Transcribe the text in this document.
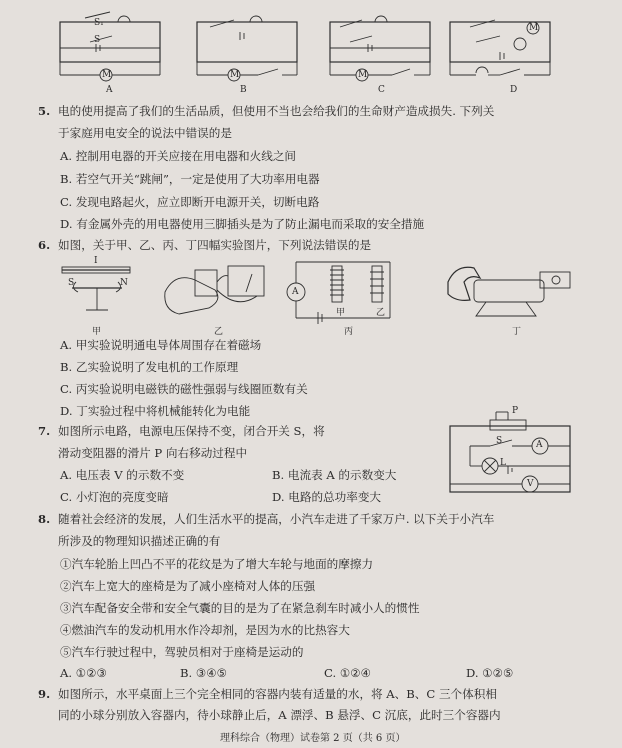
S₁
S
M	M	M
M
A	B	C	D
5. 电的使用提高了我们的生活品质，但使用不当也会给我们的生命财产造成损失. 下列关
于家庭用电安全的说法中错误的是
A. 控制用电器的开关应接在用电器和火线之间
B. 若空气开关“跳闸”，一定是使用了大功率用电器
C. 发现电路起火，应立即断开电源开关，切断电路
D. 有金属外壳的用电器使用三脚插头是为了防止漏电而采取的安全措施
6. 如图，关于甲、乙、丙、丁四幅实验图片，下列说法错误的是
I
S	N
A
甲	乙
甲	乙	丙	丁
A. 甲实验说明通电导体周围存在着磁场
B. 乙实验说明了发电机的工作原理
C. 丙实验说明电磁铁的磁性强弱与线圈匝数有关
D. 丁实验过程中将机械能转化为电能
7. 如图所示电路，电源电压保持不变，闭合开关 S，将
滑动变阻器的滑片 P 向右移动过程中
A. 电压表 V 的示数不变	B. 电流表 A 的示数变大
C. 小灯泡的亮度变暗	D. 电路的总功率变大
P
S	A
L
V
8. 随着社会经济的发展，人们生活水平的提高，小汽车走进了千家万户. 以下关于小汽车
所涉及的物理知识描述正确的有
①汽车轮胎上凹凸不平的花纹是为了增大车轮与地面的摩擦力
②汽车上宽大的座椅是为了减小座椅对人体的压强
③汽车配备安全带和安全气囊的目的是为了在紧急刹车时减小人的惯性
④燃油汽车的发动机用水作冷却剂，是因为水的比热容大
⑤汽车行驶过程中，驾驶员相对于座椅是运动的
A. ①②③	B. ③④⑤	C. ①②④	D. ①②⑤
9. 如图所示，水平桌面上三个完全相同的容器内装有适量的水，将 A、B、C 三个体积相
同的小球分别放入容器内，待小球静止后，A 漂浮、B 悬浮、C 沉底，此时三个容器内
理科综合（物理）试卷第 2 页（共 6 页）
